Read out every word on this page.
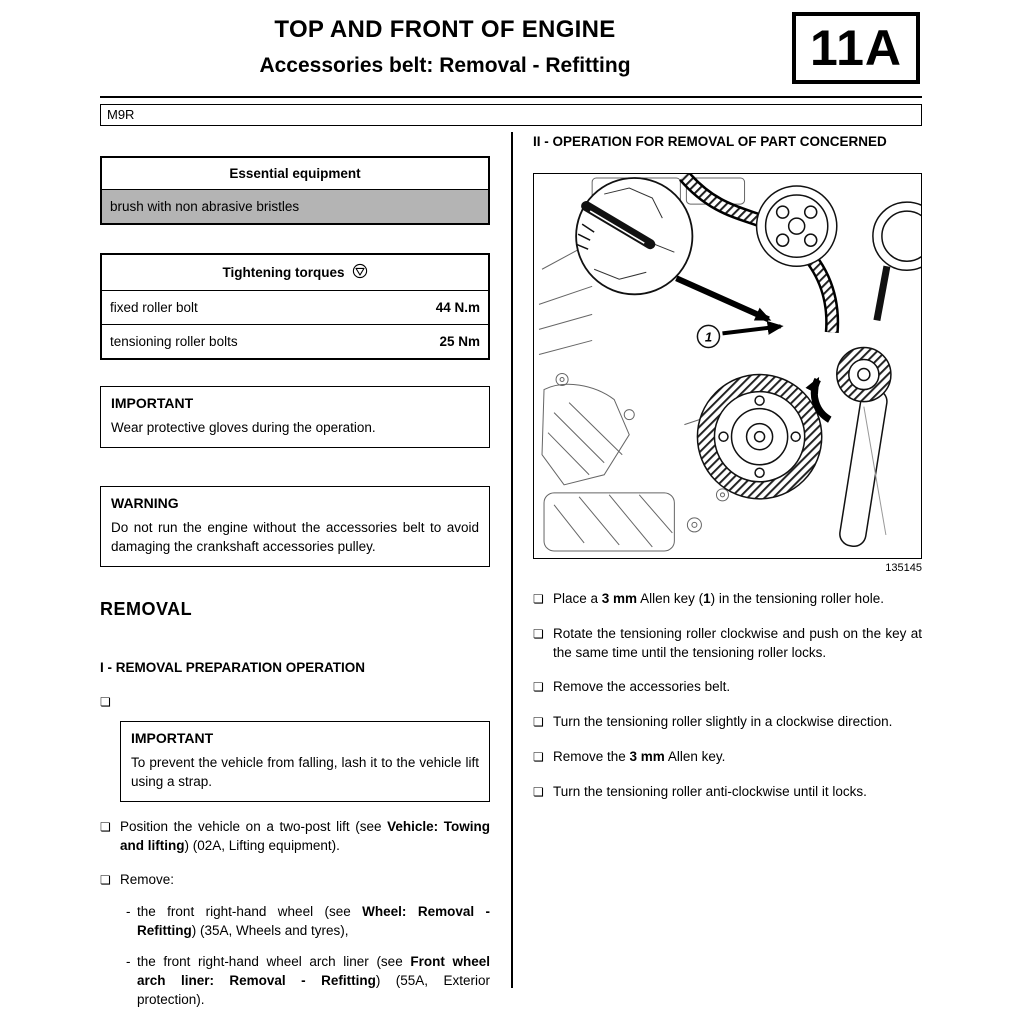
TOP AND FRONT OF ENGINE
Accessories belt: Removal - Refitting	11A
M9R
Essential equipment
brush with non abrasive bristles
Tightening torques
fixed roller bolt	44 N.m
tensioning roller bolts	25 Nm
IMPORTANT
Wear protective gloves during the operation.
WARNING
Do not run the engine without the accessories belt to avoid damaging the crankshaft accessories pulley.
REMOVAL
I - REMOVAL PREPARATION OPERATION
❏
IMPORTANT
To prevent the vehicle from falling, lash it to the vehicle lift using a strap.
❏ Position the vehicle on a two-post lift (see Vehicle: Towing and lifting) (02A, Lifting equipment).
❏ Remove:
- the front right-hand wheel (see Wheel: Removal - Refitting) (35A, Wheels and tyres),
- the front right-hand wheel arch liner (see Front wheel arch liner: Removal - Refitting) (55A, Exterior protection).
II - OPERATION FOR REMOVAL OF PART CONCERNED
1
135145
❏ Place a 3 mm Allen key (1) in the tensioning roller hole.
❏ Rotate the tensioning roller clockwise and push on the key at the same time until the tensioning roller locks.
❏ Remove the accessories belt.
❏ Turn the tensioning roller slightly in a clockwise direction.
❏ Remove the 3 mm Allen key.
❏ Turn the tensioning roller anti-clockwise until it locks.
